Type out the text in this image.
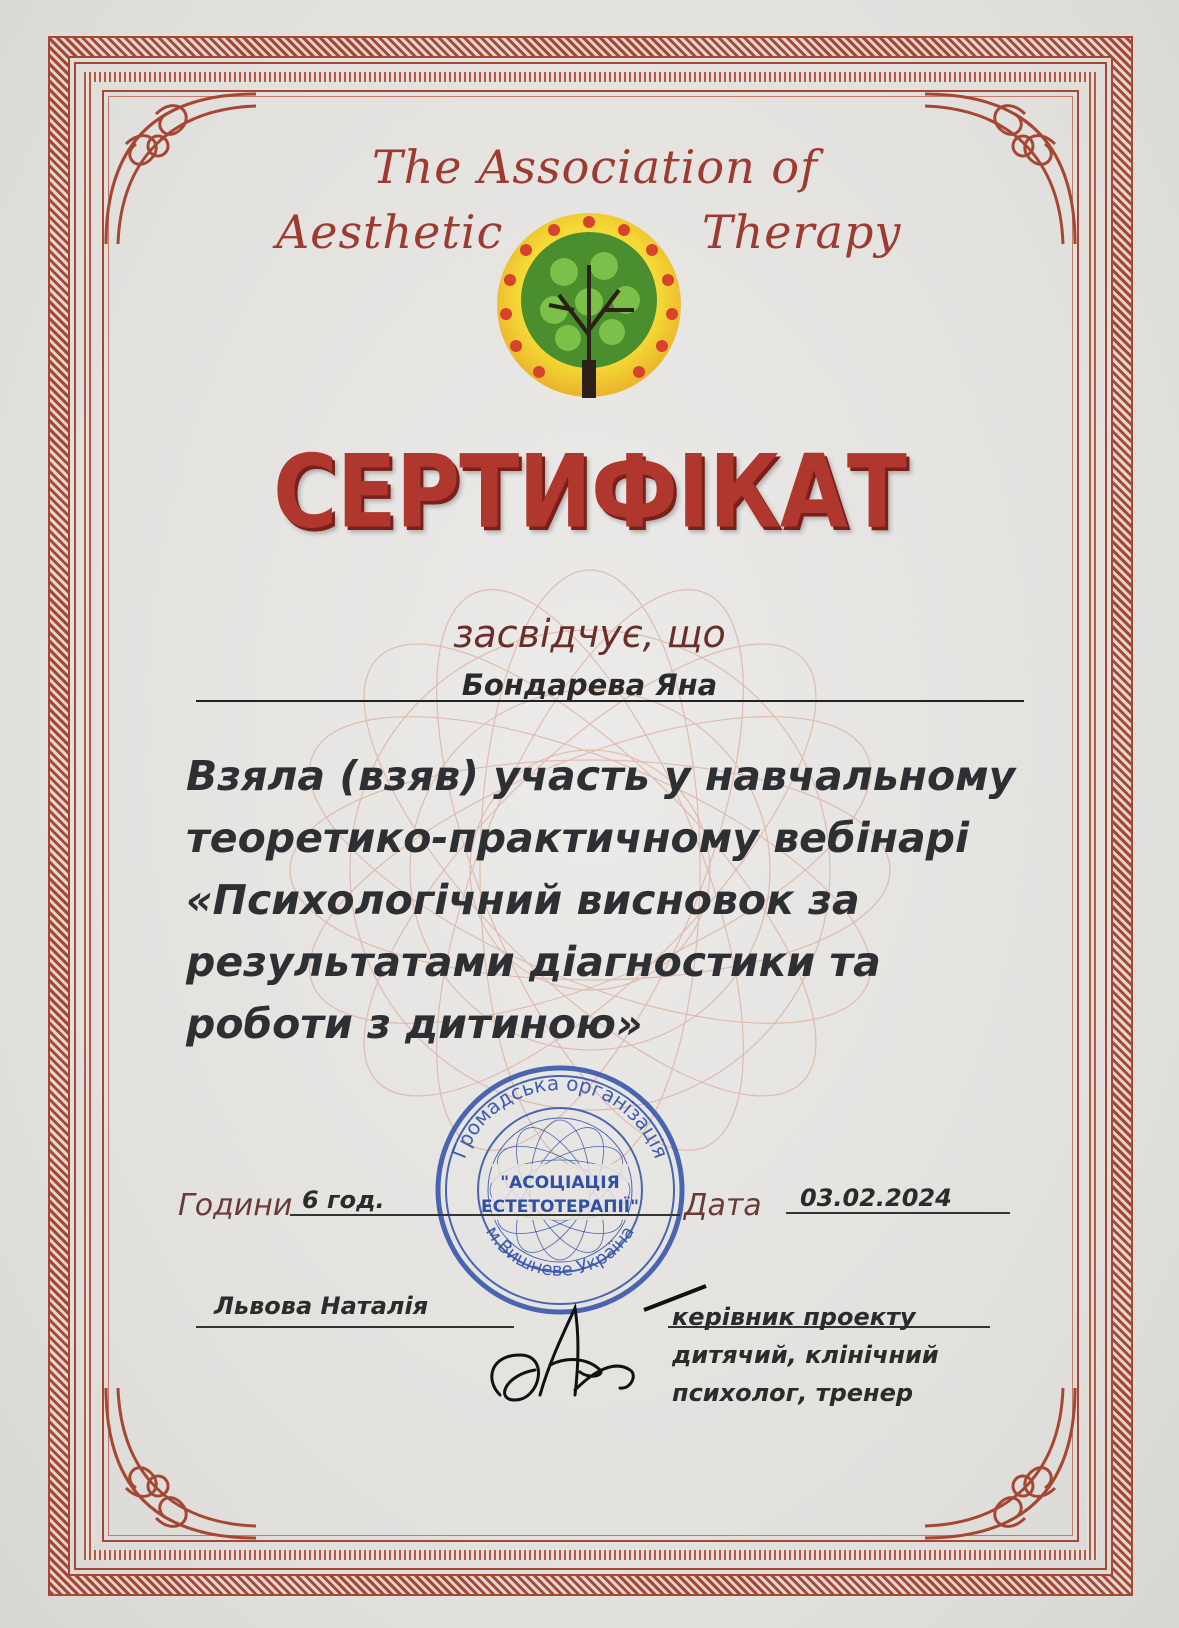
The Association of
Aesthetic	Therapy
СЕРТИФІКАТ
засвідчує, що
Бондарева Яна
Взяла (взяв) участь у навчальному
теоретико-практичному вебінарі
«Психологічний висновок за
результатами діагностики та
роботи з дитиною»
Громадська організація
м.Вишневе Україна
"АСОЦІАЦІЯ
ЕСТЕТОТЕРАПІЇ"
Години 6 год.	Дата 03.02.2024
Львова Наталія	керівник проекту
дитячий, клінічний
психолог, тренер
